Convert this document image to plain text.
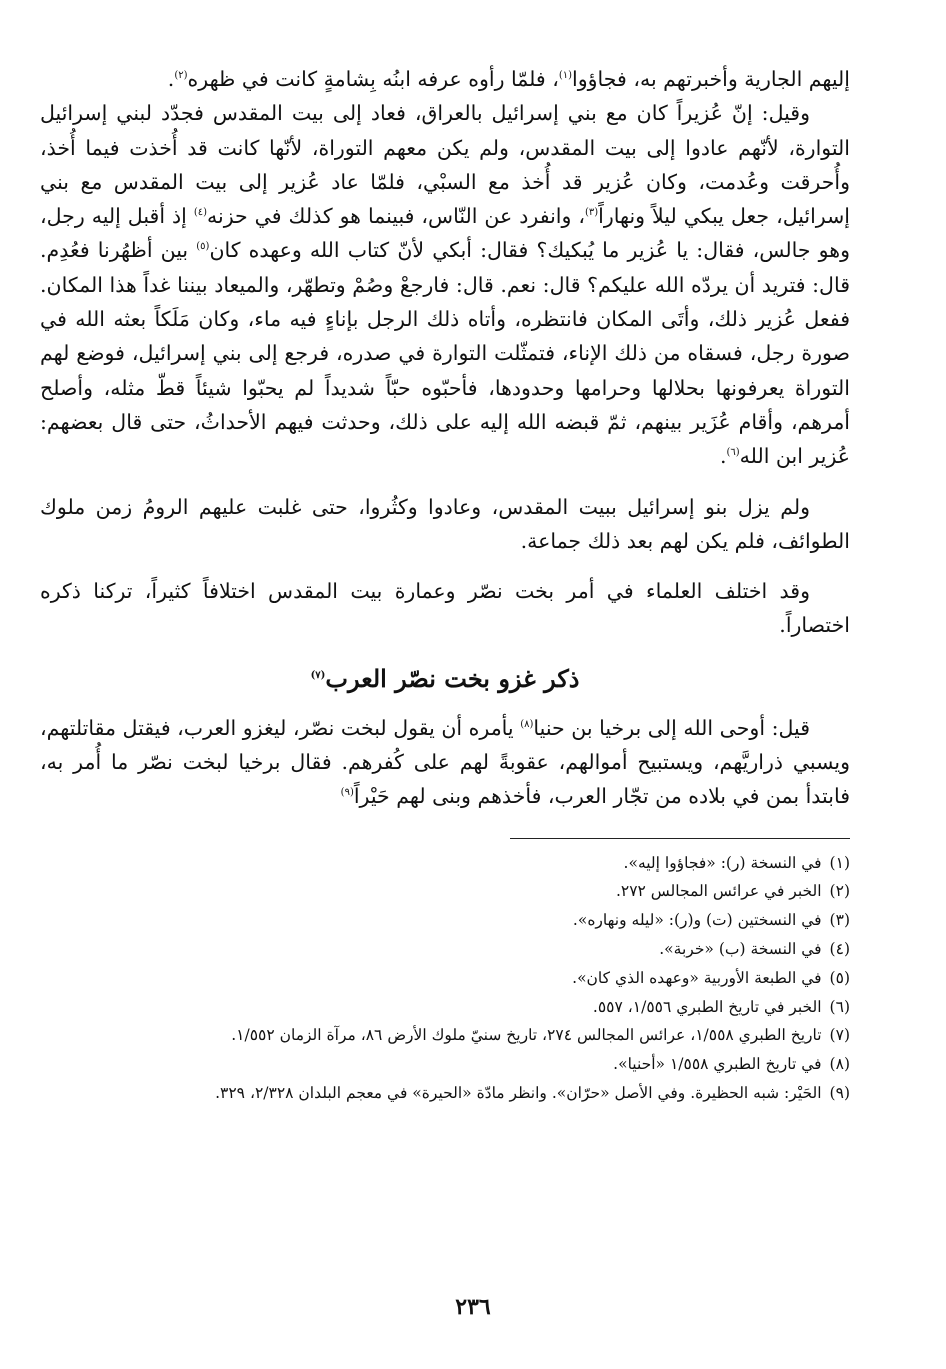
إليهم الجارية وأخبرتهم به، فجاؤوا$^{(١)}$، فلمّا رأوه عرفه ابنُه بِشامةٍ كانت في ظهره$^{(٢)}$.

وقيل: إنّ عُزيراً كان مع بني إسرائيل بالعراق، فعاد إلى بيت المقدس فجدّد لبني إسرائيل التوارة، لأنّهم عادوا إلى بيت المقدس، ولم يكن معهم التوراة، لأنّها كانت قد أُخذت فيما أُخذ، وأُحرقت وعُدمت، وكان عُزير قد أُخذ مع السبْي، فلمّا عاد عُزير إلى بيت المقدس مع بني إسرائيل، جعل يبكي ليلاً ونهاراً$^{(٣)}$، وانفرد عن النّاس، فبينما هو كذلك في حزنه$^{(٤)}$ إذ أقبل إليه رجل، وهو جالس، فقال: يا عُزير ما يُبكيك؟ فقال: أبكي لأنّ كتاب الله وعهده كان$^{(٥)}$ بين أظهُرنا فعُدِم. قال: فتريد أن يردّه الله عليكم؟ قال: نعم. قال: فارجعْ وصُمْ وتطهّر، والميعاد بيننا غداً هذا المكان. ففعل عُزير ذلك، وأتَى المكان فانتظره، وأتاه ذلك الرجل بإناءٍ فيه ماء، وكان مَلَكاً بعثه الله في صورة رجل، فسقاه من ذلك الإناء، فتمثّلت التوارة في صدره، فرجع إلى بني إسرائيل، فوضع لهم التوراة يعرفونها بحلالها وحرامها وحدودها، فأحبّوه حبّاً شديداً لم يحبّوا شيئاً قطّ مثله، وأصلح أمرهم، وأقام عُزَير بينهم، ثمّ قبضه الله إليه على ذلك، وحدثت فيهم الأحداثُ، حتى قال بعضهم: عُزير ابن الله$^{(٦)}$.

ولم يزل بنو إسرائيل ببيت المقدس، وعادوا وكثُروا، حتى غلبت عليهم الرومُ زمن ملوك الطوائف، فلم يكن لهم بعد ذلك جماعة.

وقد اختلف العلماء في أمر بخت نصّر وعمارة بيت المقدس اختلافاً كثيراً، تركنا ذكره اختصاراً.

ذكر غزو بخت نصّر العرب$^{(٧)}$

قيل: أوحى الله إلى برخيا بن حنيا$^{(٨)}$ يأمره أن يقول لبخت نصّر، ليغزو العرب، فيقتل مقاتلتهم، ويسبي ذراريَّهم، ويستبيح أموالهم، عقوبةً لهم على كُفرهم. فقال برخيا لبخت نصّر ما أُمر به، فابتدأ بمن في بلاده من تجّار العرب، فأخذهم وبنى لهم حَيْراً$^{(٩)}$

(١)في النسخة (ر): «فجاؤوا إليه».
(٢)الخبر في عرائس المجالس ٢٧٢.
(٣)في النسختين (ت) و(ر): «ليله ونهاره».
(٤)في النسخة (ب) «خربة».
(٥)في الطبعة الأوربية «وعهده الذي كان».
(٦)الخبر في تاريخ الطبري ١/٥٥٦، ٥٥٧.
(٧)تاريخ الطبري ١/٥٥٨، عرائس المجالس ٢٧٤، تاريخ سنيّ ملوك الأرض ٨٦، مرآة الزمان ١/٥٥٢.
(٨)في تاريخ الطبري ١/٥٥٨ «أحنيا».
(٩)الحَيْر: شبه الحظيرة. وفي الأصل «حرّان». وانظر مادّة «الحيرة» في معجم البلدان ٢/٣٢٨، ٣٢٩.
٢٣٦
